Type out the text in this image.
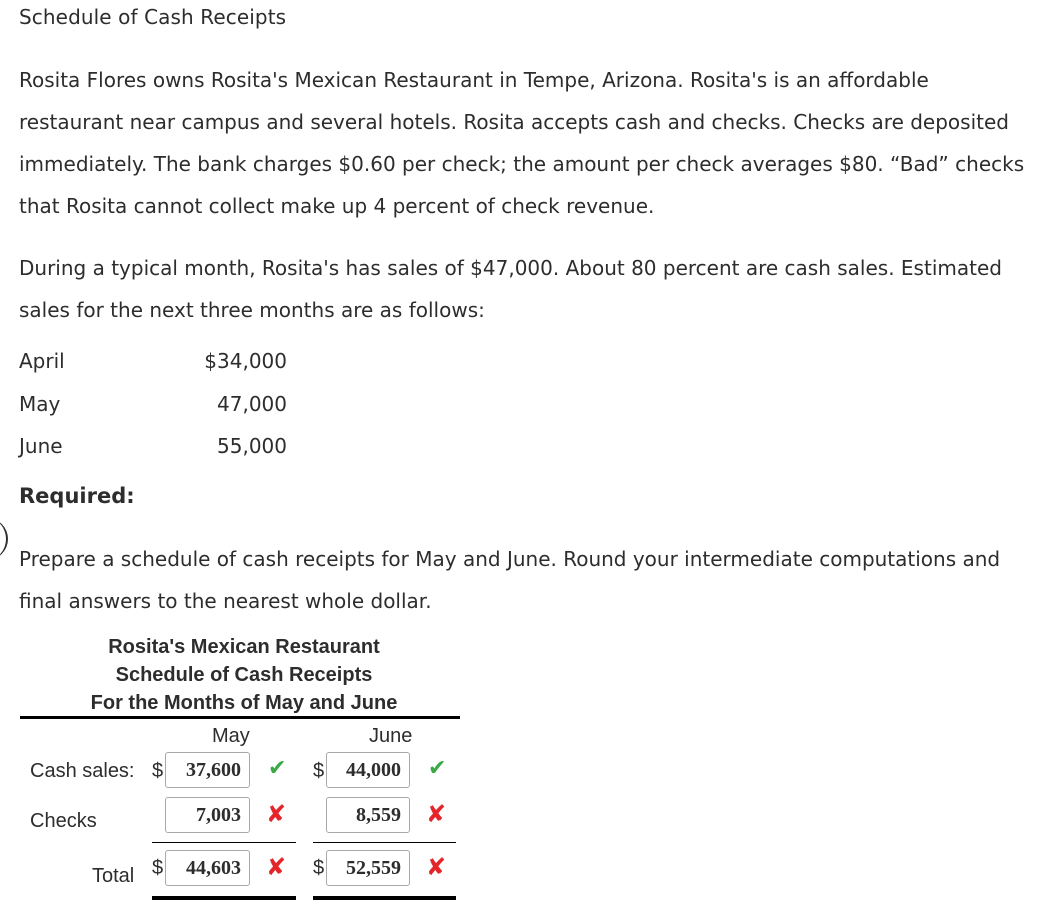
Schedule of Cash Receipts
Rosita Flores owns Rosita's Mexican Restaurant in Tempe, Arizona. Rosita's is an affordable restaurant near campus and several hotels. Rosita accepts cash and checks. Checks are deposited immediately. The bank charges $0.60 per check; the amount per check averages $80. “Bad” checks that Rosita cannot collect make up 4 percent of check revenue.
During a typical month, Rosita's has sales of $47,000. About 80 percent are cash sales. Estimated sales for the next three months are as follows:
April	$34,000
May	47,000
June	55,000
Required:
Prepare a schedule of cash receipts for May and June. Round your intermediate computations and final answers to the nearest whole dollar.
Rosita's Mexican Restaurant
Schedule of Cash Receipts
For the Months of May and June
May	June
Cash sales: $	37,600	✔ $	44,000	✔
Checks	7,003	✘	8,559	✘
Total $	44,603	✘ $	52,559	✘
